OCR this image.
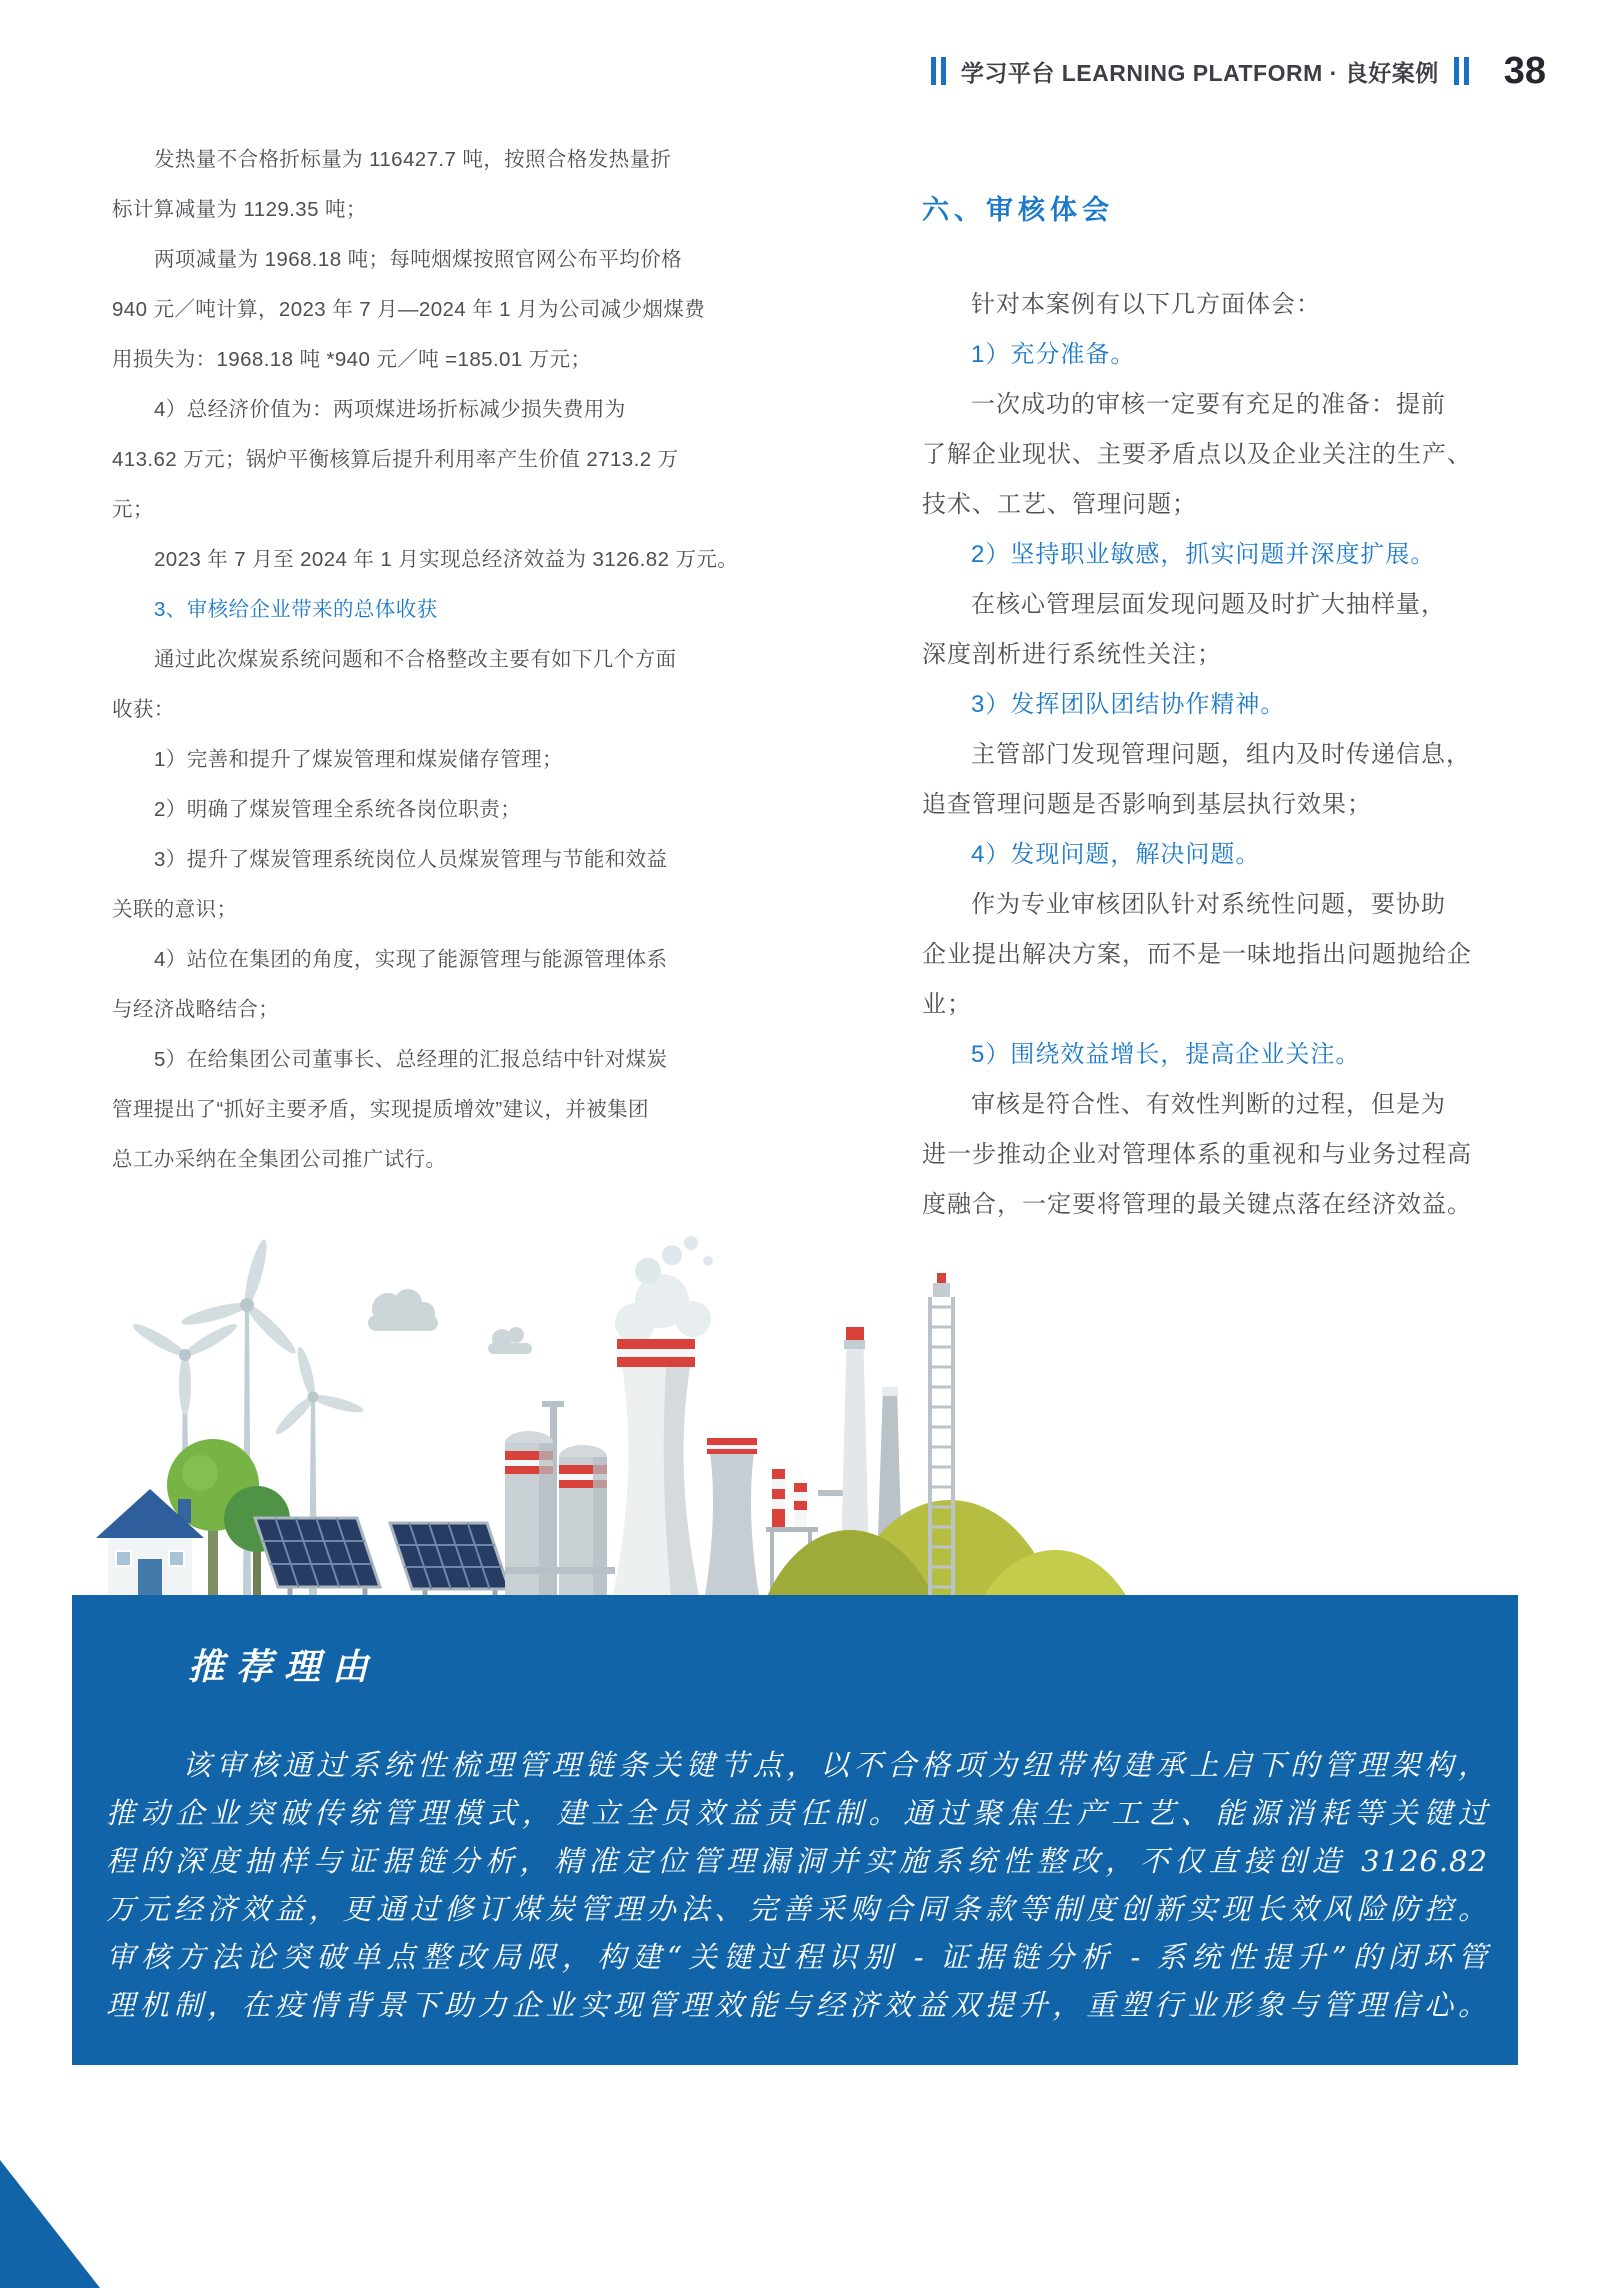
学习平台 LEARNING PLATFORM · 良好案例 38
发热量不合格折标量为 116427.7 吨，按照合格发热量折
标计算减量为 1129.35 吨；
两项减量为 1968.18 吨；每吨烟煤按照官网公布平均价格
940 元／吨计算，2023 年 7 月—2024 年 1 月为公司减少烟煤费
用损失为：1968.18 吨 *940 元／吨 =185.01 万元；
4）总经济价值为：两项煤进场折标减少损失费用为
413.62 万元；锅炉平衡核算后提升利用率产生价值 2713.2 万
元；
2023 年 7 月至 2024 年 1 月实现总经济效益为 3126.82 万元。
3、审核给企业带来的总体收获
通过此次煤炭系统问题和不合格整改主要有如下几个方面
收获：
1）完善和提升了煤炭管理和煤炭储存管理；
2）明确了煤炭管理全系统各岗位职责；
3）提升了煤炭管理系统岗位人员煤炭管理与节能和效益
关联的意识；
4）站位在集团的角度，实现了能源管理与能源管理体系
与经济战略结合；
5）在给集团公司董事长、总经理的汇报总结中针对煤炭
管理提出了“抓好主要矛盾，实现提质增效”建议，并被集团
总工办采纳在全集团公司推广试行。
六、审核体会
针对本案例有以下几方面体会：
1）充分准备。
一次成功的审核一定要有充足的准备：提前
了解企业现状、主要矛盾点以及企业关注的生产、
技术、工艺、管理问题；
2）坚持职业敏感，抓实问题并深度扩展。
在核心管理层面发现问题及时扩大抽样量，
深度剖析进行系统性关注；
3）发挥团队团结协作精神。
主管部门发现管理问题，组内及时传递信息，
追查管理问题是否影响到基层执行效果；
4）发现问题，解决问题。
作为专业审核团队针对系统性问题，要协助
企业提出解决方案，而不是一味地指出问题抛给企
业；
5）围绕效益增长，提高企业关注。
审核是符合性、有效性判断的过程，但是为
进一步推动企业对管理体系的重视和与业务过程高
度融合，一定要将管理的最关键点落在经济效益。
推荐理由
该审核通过系统性梳理管理链条关键节点，以不合格项为纽带构建承上启下的管理架构，
推动企业突破传统管理模式，建立全员效益责任制。通过聚焦生产工艺、能源消耗等关键过
程的深度抽样与证据链分析，精准定位管理漏洞并实施系统性整改，不仅直接创造 3126.82
万元经济效益，更通过修订煤炭管理办法、完善采购合同条款等制度创新实现长效风险防控。
审核方法论突破单点整改局限，构建“关键过程识别 - 证据链分析 - 系统性提升”的闭环管
理机制，在疫情背景下助力企业实现管理效能与经济效益双提升，重塑行业形象与管理信心。
